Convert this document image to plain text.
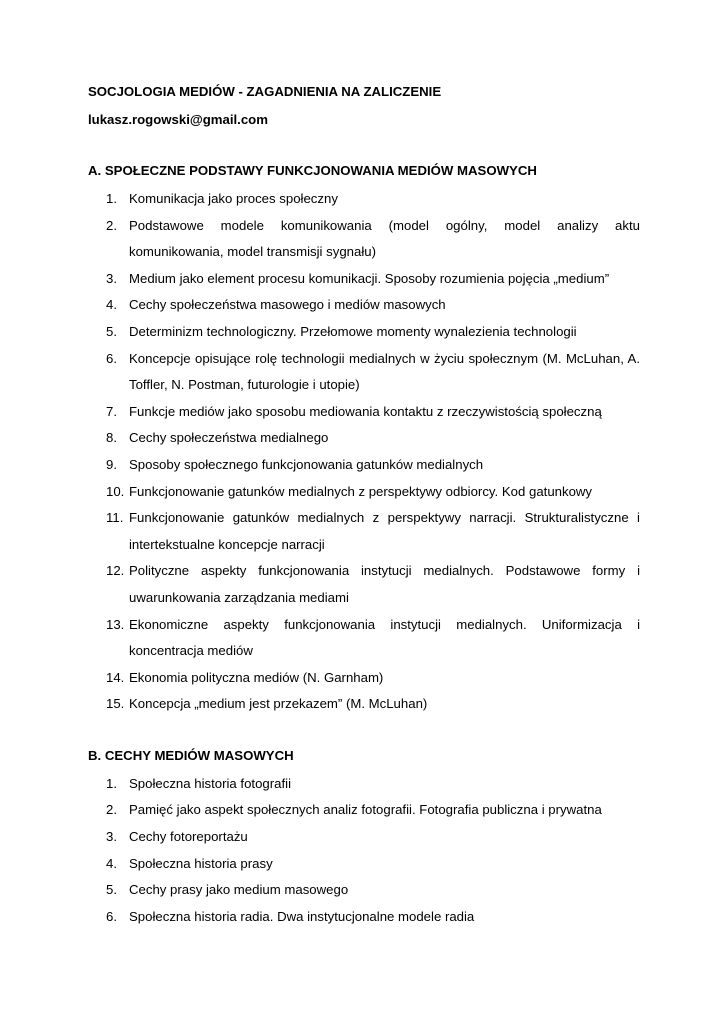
SOCJOLOGIA MEDIÓW - ZAGADNIENIA NA ZALICZENIE
lukasz.rogowski@gmail.com
A. SPOŁECZNE PODSTAWY FUNKCJONOWANIA MEDIÓW MASOWYCH
1. Komunikacja jako proces społeczny
2. Podstawowe modele komunikowania (model ogólny, model analizy aktu komunikowania, model transmisji sygnału)
3. Medium jako element procesu komunikacji. Sposoby rozumienia pojęcia „medium”
4. Cechy społeczeństwa masowego i mediów masowych
5. Determinizm technologiczny. Przełomowe momenty wynalezienia technologii
6. Koncepcje opisujące rolę technologii medialnych w życiu społecznym (M. McLuhan, A. Toffler, N. Postman, futurologie i utopie)
7. Funkcje mediów jako sposobu mediowania kontaktu z rzeczywistością społeczną
8. Cechy społeczeństwa medialnego
9. Sposoby społecznego funkcjonowania gatunków medialnych
10. Funkcjonowanie gatunków medialnych z perspektywy odbiorcy. Kod gatunkowy
11. Funkcjonowanie gatunków medialnych z perspektywy narracji. Strukturalistyczne i intertekstualne koncepcje narracji
12. Polityczne aspekty funkcjonowania instytucji medialnych. Podstawowe formy i uwarunkowania zarządzania mediami
13. Ekonomiczne aspekty funkcjonowania instytucji medialnych. Uniformizacja i koncentracja mediów
14. Ekonomia polityczna mediów (N. Garnham)
15. Koncepcja „medium jest przekazem” (M. McLuhan)
B. CECHY MEDIÓW MASOWYCH
1. Społeczna historia fotografii
2. Pamięć jako aspekt społecznych analiz fotografii. Fotografia publiczna i prywatna
3. Cechy fotoreportażu
4. Społeczna historia prasy
5. Cechy prasy jako medium masowego
6. Społeczna historia radia. Dwa instytucjonalne modele radia
